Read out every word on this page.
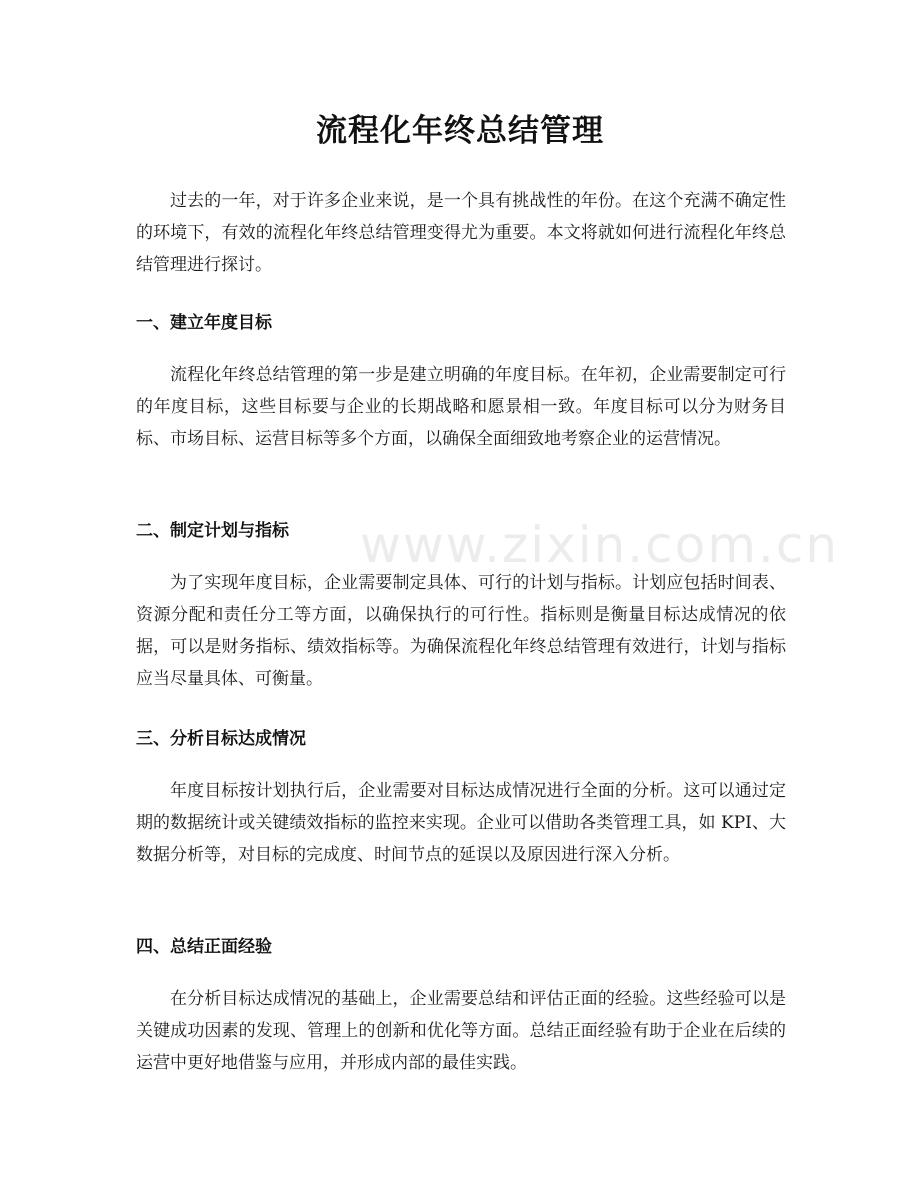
流程化年终总结管理

过去的一年，对于许多企业来说，是一个具有挑战性的年份。在这个充满不确定性的环境下，有效的流程化年终总结管理变得尤为重要。本文将就如何进行流程化年终总结管理进行探讨。

一、建立年度目标

流程化年终总结管理的第一步是建立明确的年度目标。在年初，企业需要制定可行的年度目标，这些目标要与企业的长期战略和愿景相一致。年度目标可以分为财务目标、市场目标、运营目标等多个方面，以确保全面细致地考察企业的运营情况。

二、制定计划与指标

为了实现年度目标，企业需要制定具体、可行的计划与指标。计划应包括时间表、资源分配和责任分工等方面，以确保执行的可行性。指标则是衡量目标达成情况的依据，可以是财务指标、绩效指标等。为确保流程化年终总结管理有效进行，计划与指标应当尽量具体、可衡量。

三、分析目标达成情况

年度目标按计划执行后，企业需要对目标达成情况进行全面的分析。这可以通过定期的数据统计或关键绩效指标的监控来实现。企业可以借助各类管理工具，如 KPI、大数据分析等，对目标的完成度、时间节点的延误以及原因进行深入分析。

四、总结正面经验

在分析目标达成情况的基础上，企业需要总结和评估正面的经验。这些经验可以是关键成功因素的发现、管理上的创新和优化等方面。总结正面经验有助于企业在后续的运营中更好地借鉴与应用，并形成内部的最佳实践。

www.zixin.com.cn
